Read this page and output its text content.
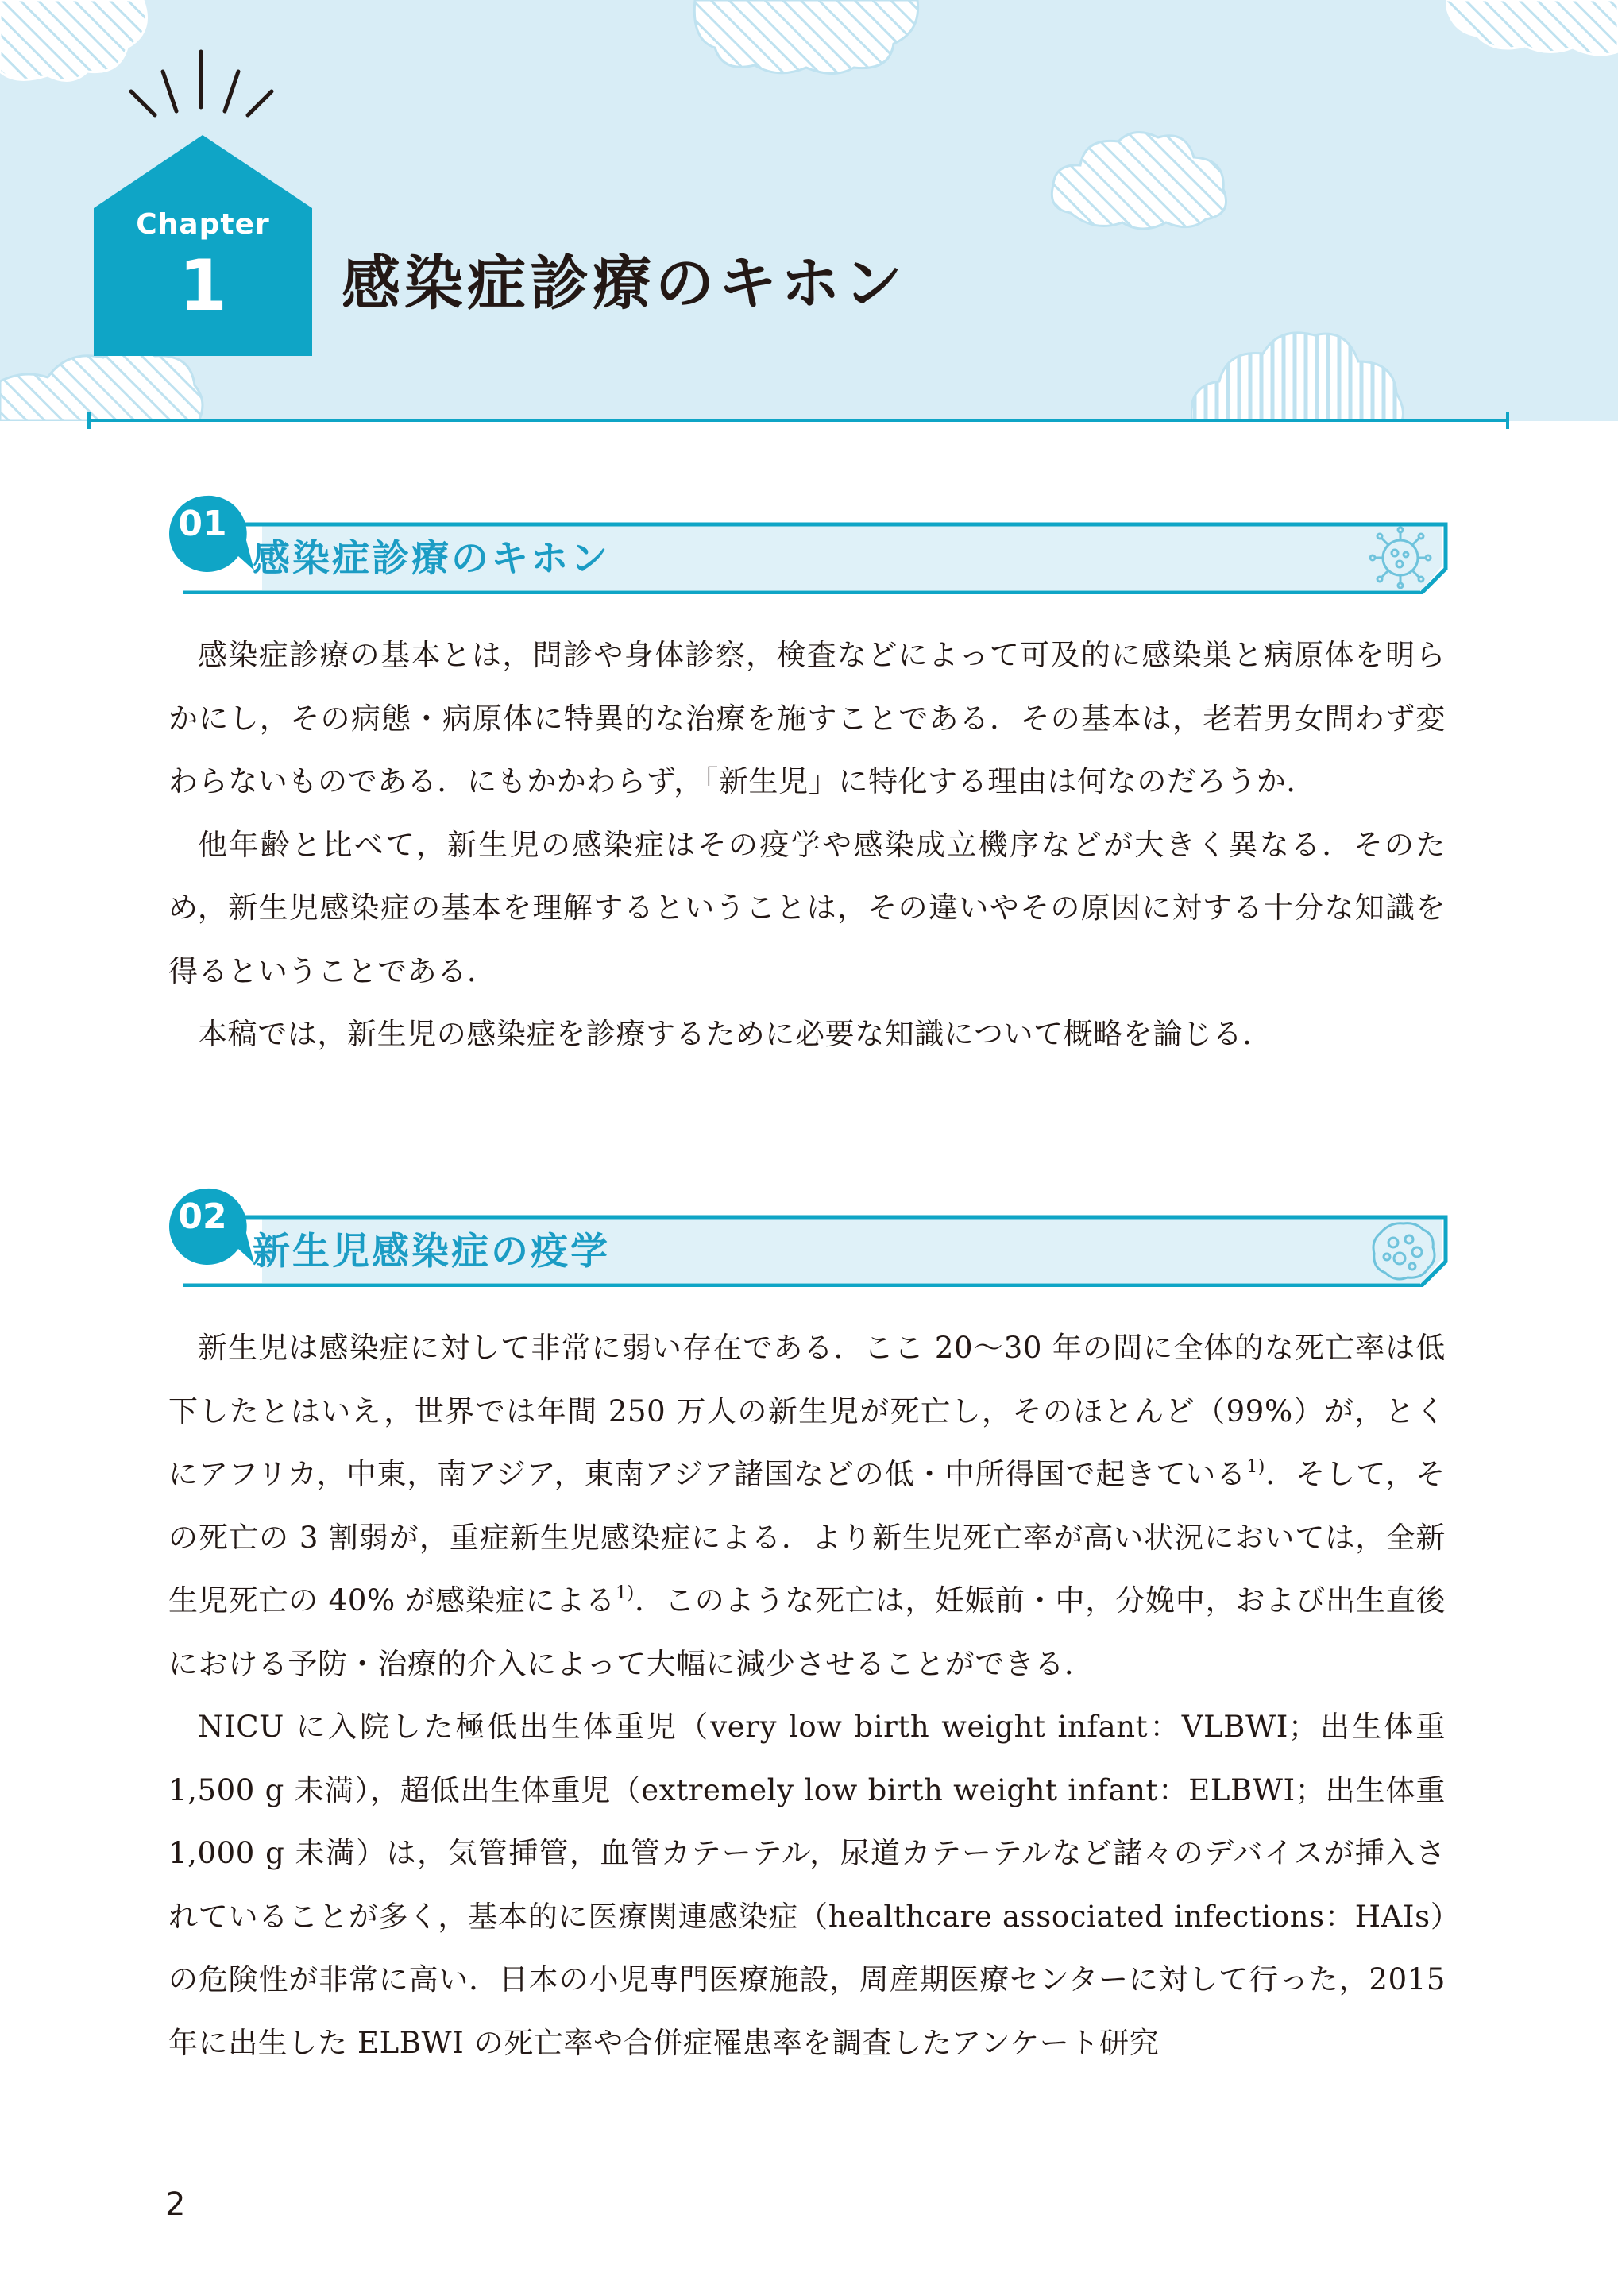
Chapter
1	感染症診療のキホン
01
感染症診療のキホン

感染症診療の基本とは，問診や身体診察，検査などによって可及的に感染巣と病原体を明らかにし，その病態・病原体に特異的な治療を施すことである．その基本は，老若男女問わず変わらないものである．にもかかわらず，「新生児」に特化する理由は何なのだろうか．

他年齢と比べて，新生児の感染症はその疫学や感染成立機序などが大きく異なる．そのため，新生児感染症の基本を理解するということは，その違いやその原因に対する十分な知識を得るということである．

本稿では，新生児の感染症を診療するために必要な知識について概略を論じる．

02
新生児感染症の疫学

新生児は感染症に対して非常に弱い存在である．ここ 20〜30 年の間に全体的な死亡率は低下したとはいえ，世界では年間 250 万人の新生児が死亡し，そのほとんど（99%）が，とくにアフリカ，中東，南アジア，東南アジア諸国などの低・中所得国で起きている$^{1)}$．そして，その死亡の 3 割弱が，重症新生児感染症による．より新生児死亡率が高い状況においては，全新生児死亡の 40% が感染症による$^{1)}$．このような死亡は，妊娠前・中，分娩中，および出生直後における予防・治療的介入によって大幅に減少させることができる．

NICU に入院した極低出生体重児（very low birth weight infant：VLBWI；出生体重 1,500 g 未満），超低出生体重児（extremely low birth weight infant：ELBWI；出生体重 1,000 g 未満）は，気管挿管，血管カテーテル，尿道カテーテルなど諸々のデバイスが挿入されていることが多く，基本的に医療関連感染症（healthcare associated infections：HAIs）の危険性が非常に高い．日本の小児専門医療施設，周産期医療センターに対して行った，2015 年に出生した ELBWI の死亡率や合併症罹患率を調査したアンケート研究

2
